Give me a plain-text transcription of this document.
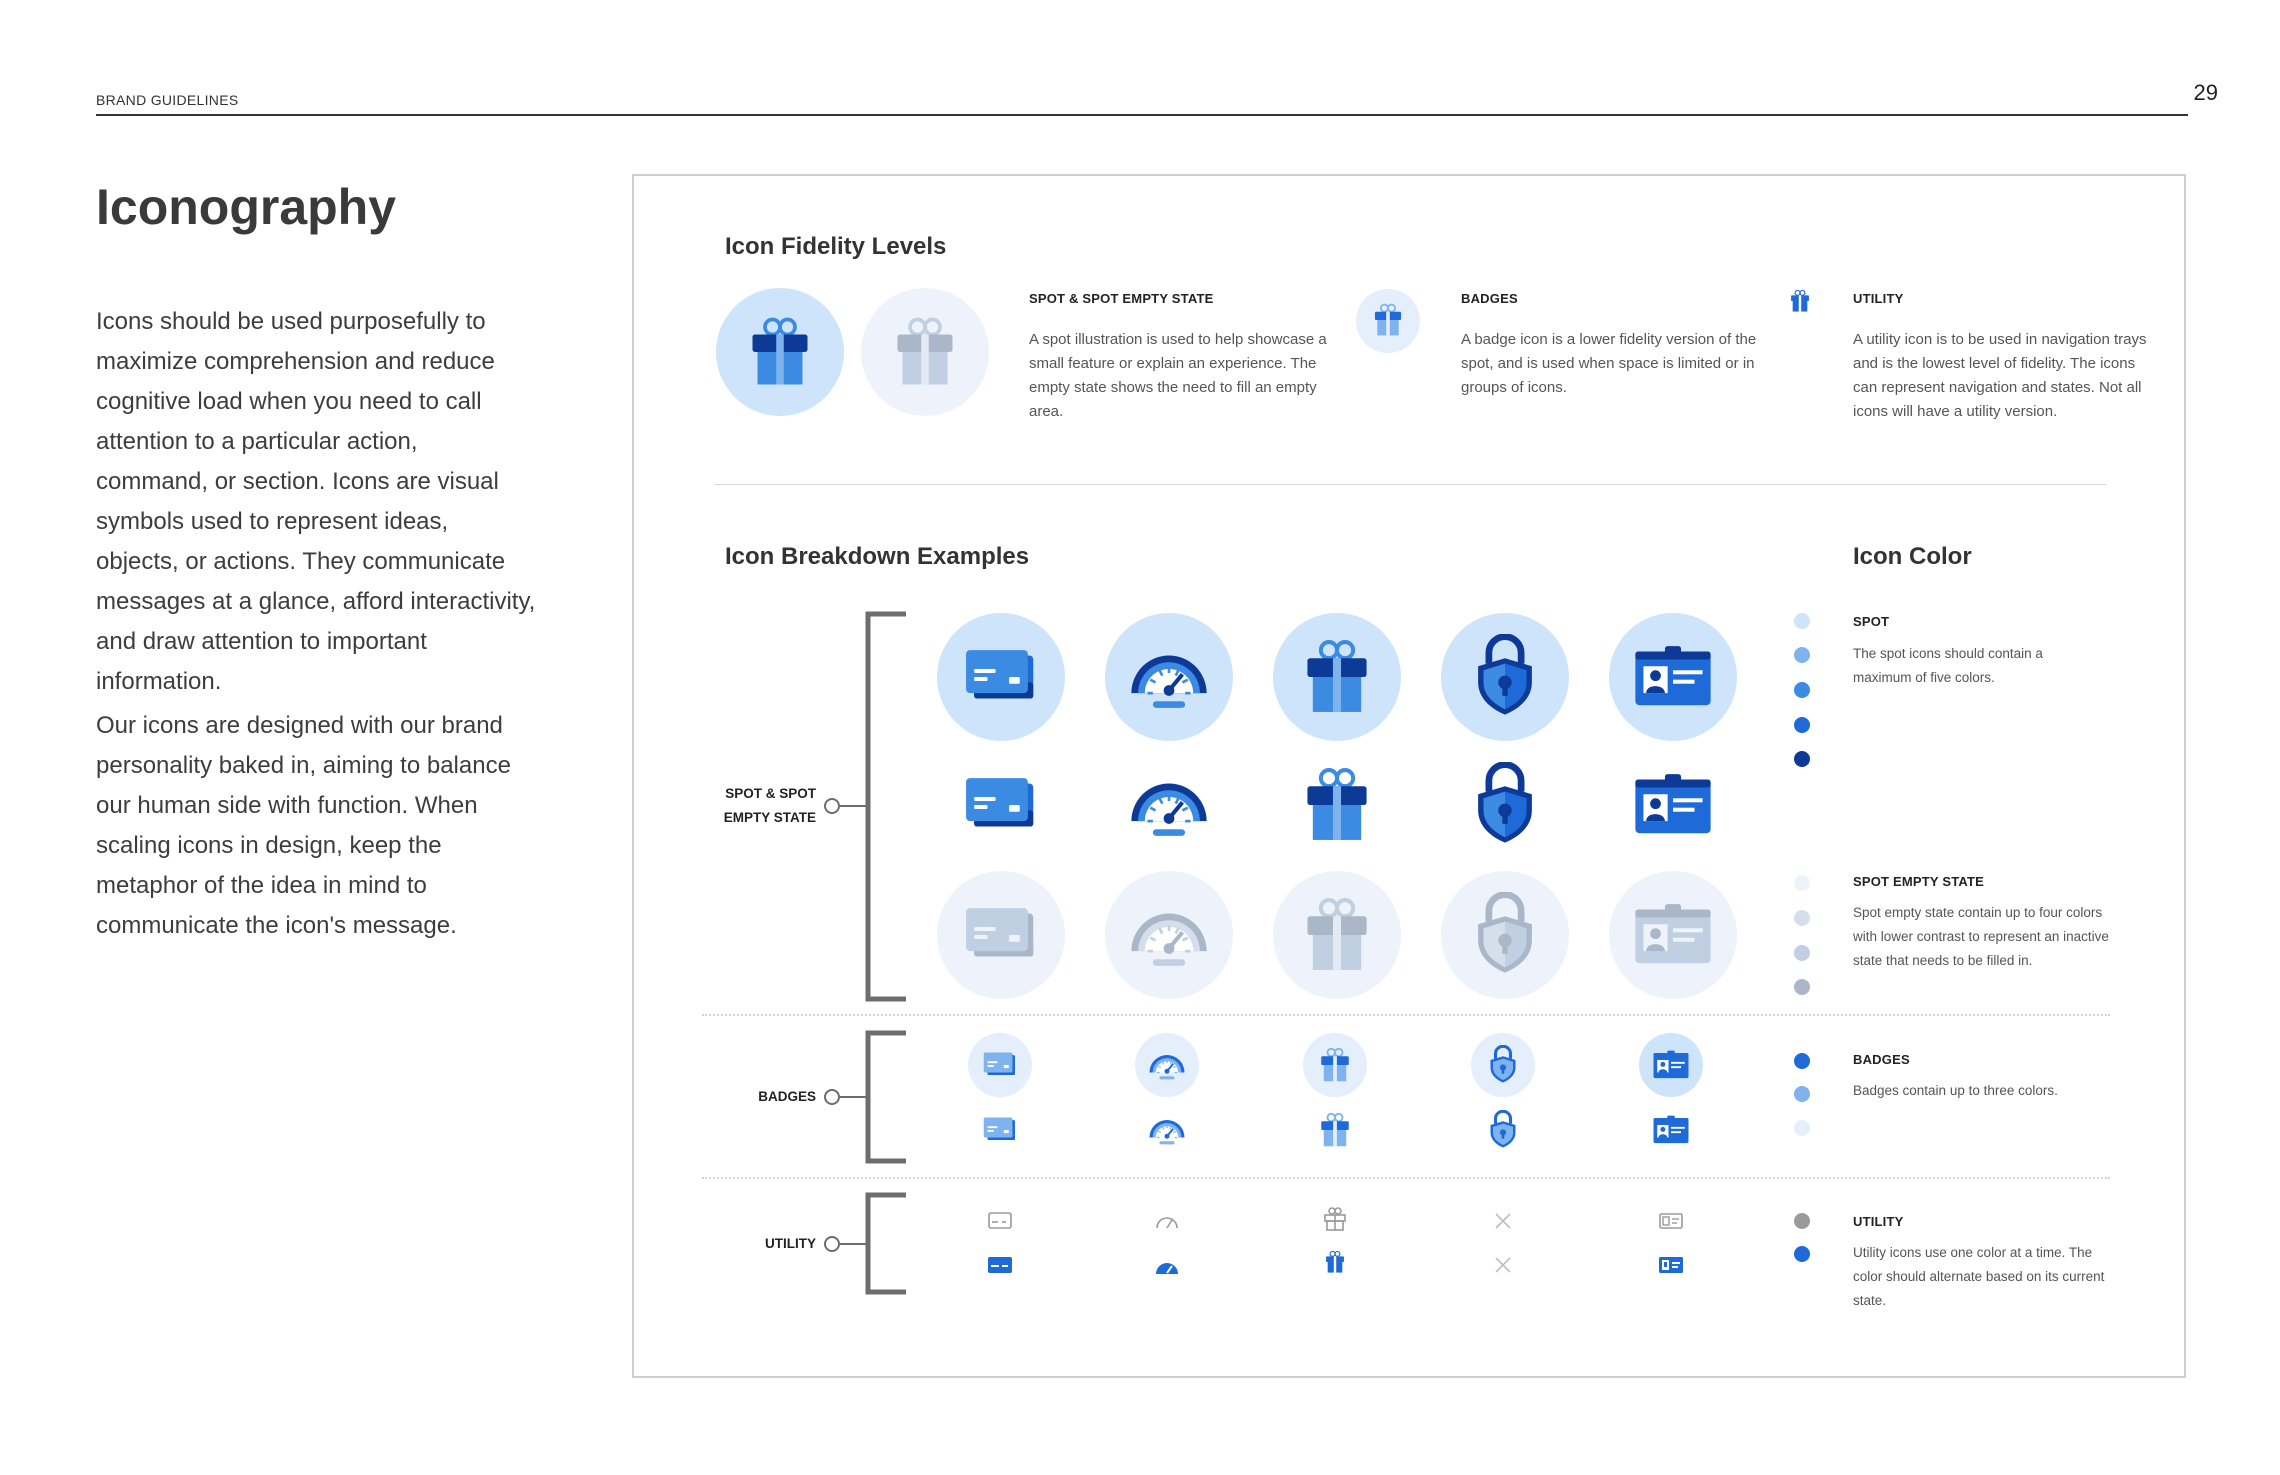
BRAND GUIDELINES	29
Iconography

Icons should be used purposefully to maximize comprehension and reduce cognitive load when you need to call attention to a particular action, command, or section. Icons are visual symbols used to represent ideas, objects, or actions. They communicate messages at a glance, afford interactivity, and draw attention to important information.

Our icons are designed with our brand personality baked in, aiming to balance our human side with function. When scaling icons in design, keep the metaphor of the idea in mind to communicate the icon's message.

Icon Fidelity Levels
SPOT & SPOT EMPTY STATE

A spot illustration is used to help showcase a small feature or explain an experience. The empty state shows the need to fill an empty area.

BADGES

A badge icon is a lower fidelity version of the spot, and is used when space is limited or in groups of icons.

UTILITY

A utility icon is to be used in navigation trays and is the lowest level of fidelity. The icons can represent navigation and states. Not all icons will have a utility version.

Icon Breakdown Examples	Icon Color
SPOT & SPOT
EMPTY STATE
BADGES
UTILITY
SPOT

The spot icons should contain a maximum of five colors.

SPOT EMPTY STATE

Spot empty state contain up to four colors with lower contrast to represent an inactive state that needs to be filled in.

BADGES

Badges contain up to three colors.

UTILITY

Utility icons use one color at a time. The color should alternate based on its current state.
